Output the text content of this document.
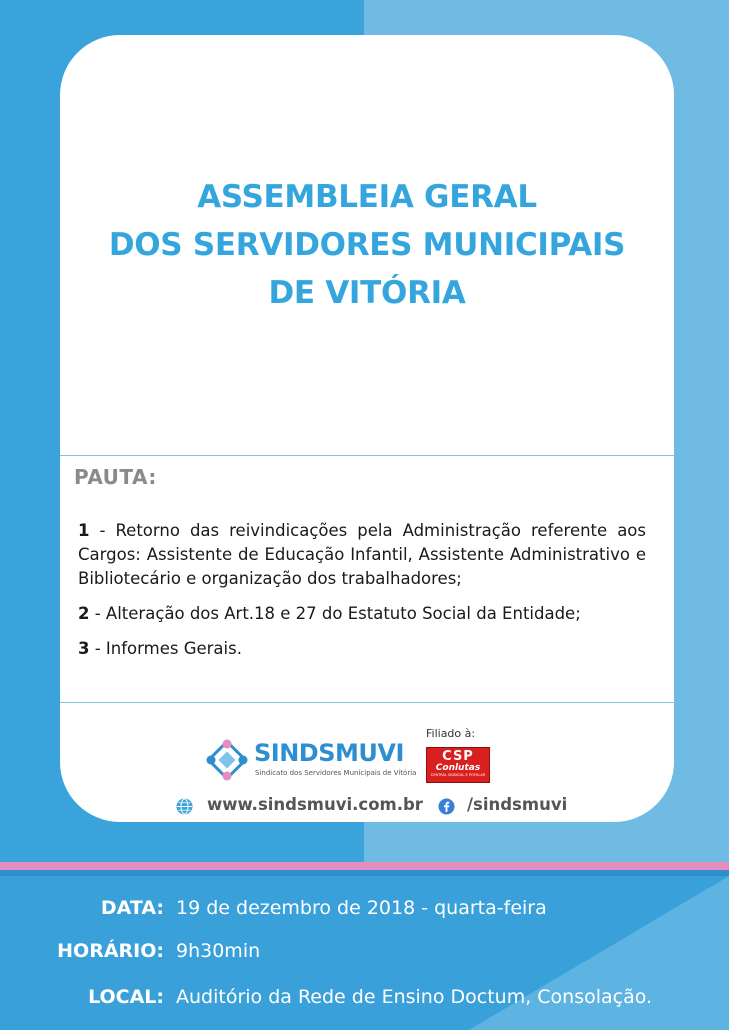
ASSEMBLEIA GERAL
DOS SERVIDORES MUNICIPAIS
DE VITÓRIA
PAUTA:
1 - Retorno das reivindicações pela Administração referente aos Cargos: Assistente de Educação Infantil, Assistente Administrativo e Bibliotecário e organização dos trabalhadores;
2 - Alteração dos Art.18 e 27 do Estatuto Social da Entidade;
3 - Informes Gerais.
SINDSMUVI
Sindicato dos Servidores Municipais de Vitória
Filiado à:
CSP
Conlutas
CENTRAL SINDICAL E POPULAR
www.sindsmuvi.com.br	/sindsmuvi
DATA: 19 de dezembro de 2018 - quarta-feira
HORÁRIO: 9h30min
LOCAL: Auditório da Rede de Ensino Doctum, Consolação.
